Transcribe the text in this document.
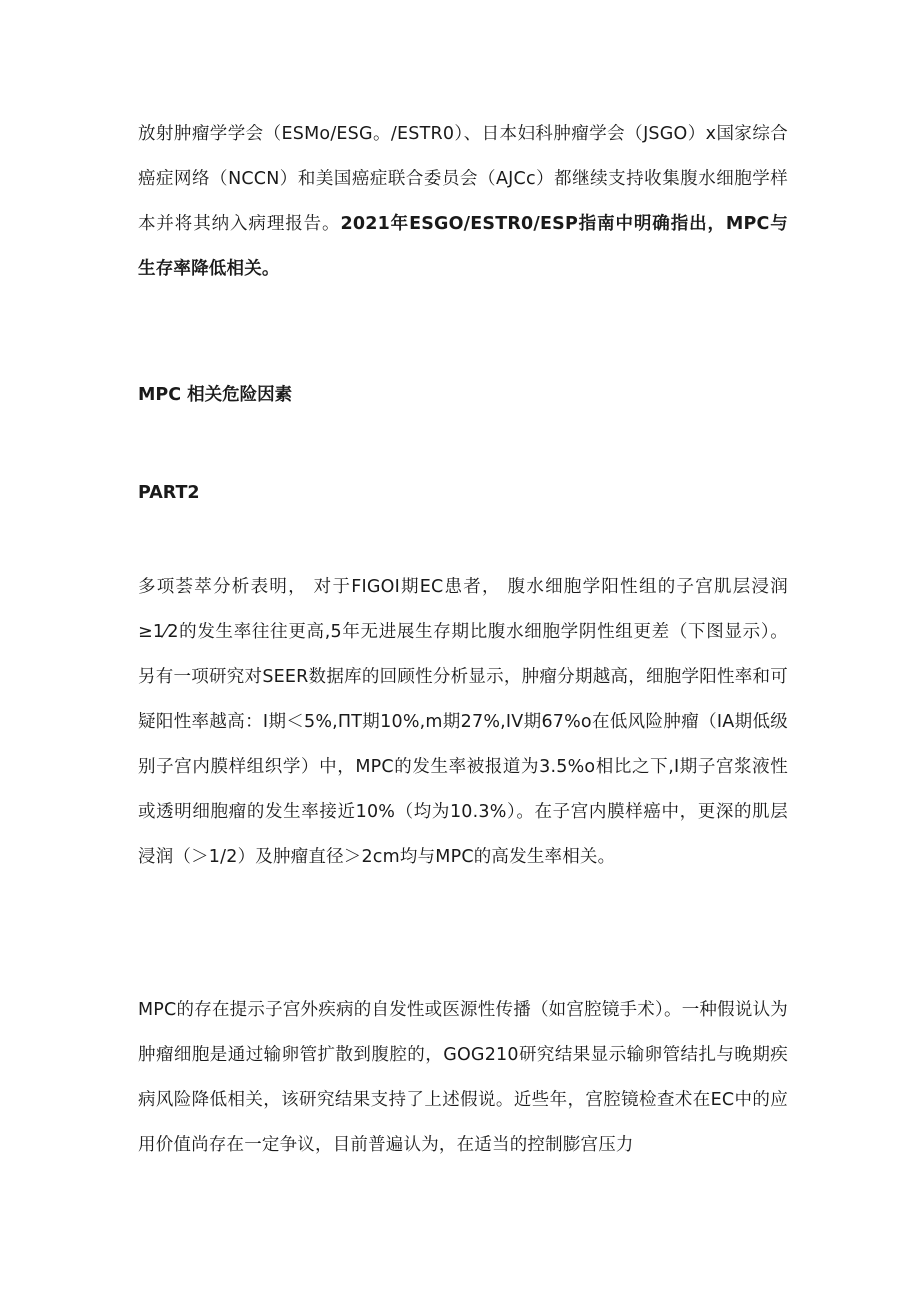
放射肿瘤学学会（ESMo/ESG。/ESTR0）、日本妇科肿瘤学会（JSGO）x国家综合癌症网络（NCCN）和美国癌症联合委员会（AJCc）都继续支持收集腹水细胞学样本并将其纳入病理报告。2021年ESGO/ESTR0/ESP指南中明确指出，MPC与生存率降低相关。

MPC 相关危险因素
PART2

多项荟萃分析表明， 对于FIGOI期EC患者， 腹水细胞学阳性组的子宫肌层浸润≥1⁄2的发生率往往更高,5年无进展生存期比腹水细胞学阴性组更差（下图显示）。另有一项研究对SEER数据库的回顾性分析显示，肿瘤分期越高，细胞学阳性率和可疑阳性率越高：I期＜5%,ΠΤ期10%,m期27%,IV期67%o在低风险肿瘤（IA期低级别子宫内膜样组织学）中，MPC的发生率被报道为3.5%o相比之下,I期子宫浆液性或透明细胞瘤的发生率接近10%（均为10.3%）。在子宫内膜样癌中，更深的肌层浸润（＞1/2）及肿瘤直径＞2cm均与MPC的高发生率相关。

MPC的存在提示子宫外疾病的自发性或医源性传播（如宫腔镜手术）。一种假说认为肿瘤细胞是通过输卵管扩散到腹腔的，GOG210研究结果显示输卵管结扎与晚期疾病风险降低相关，该研究结果支持了上述假说。近些年，宫腔镜检查术在EC中的应用价值尚存在一定争议，目前普遍认为，在适当的控制膨宫压力
